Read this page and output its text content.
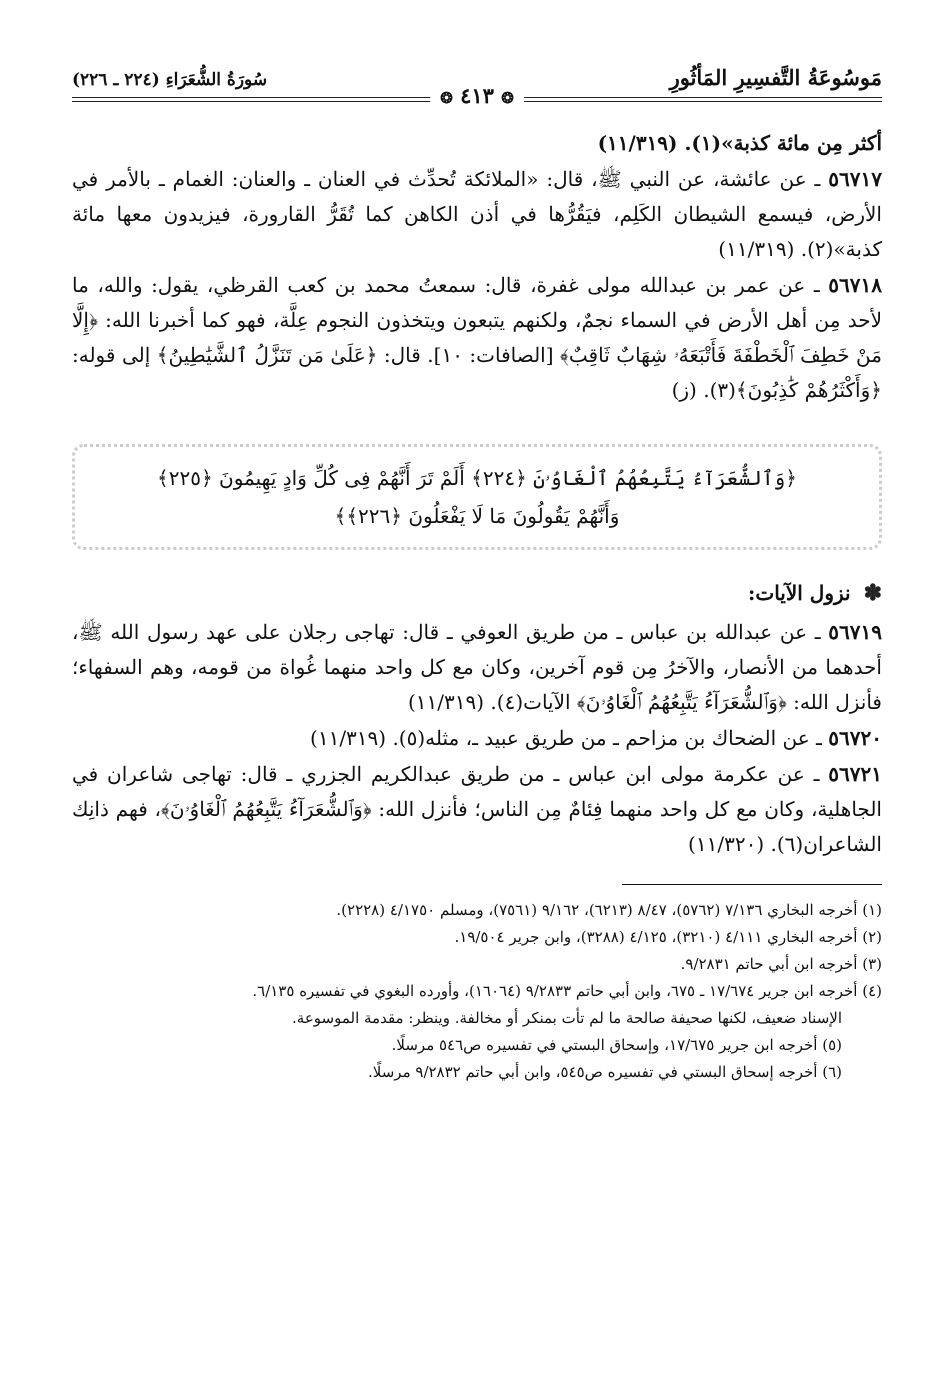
مَوسُوعَةُ التَّفسِيرِ المَأثُورِ
سُورَةُ الشُّعَرَاءِ (٢٢٤ ـ ٢٢٦)
❂ ٤١٣ ❂

أكثر مِن مائة كذبة»(١). (١١/٣١٩)

٥٦٧١٧ ـ عن عائشة، عن النبي ﷺ، قال: «الملائكة تُحدِّث في العنان ـ والعنان: الغمام ـ بالأمر في الأرض، فيسمع الشيطان الكَلِم، فيَقُرُّها في أذن الكاهن كما تُقَرُّ القارورة، فيزيدون معها مائة كذبة»(٢). (١١/٣١٩)

٥٦٧١٨ ـ عن عمر بن عبدالله مولى غفرة، قال: سمعتُ محمد بن كعب القرظي، يقول: والله، ما لأحد مِن أهل الأرض في السماء نجمٌ، ولكنهم يتبعون ويتخذون النجوم عِلَّة، فهو كما أخبرنا الله: ﴿إِلَّا مَنْ خَطِفَ ٱلْخَطْفَةَ فَأَتْبَعَهُۥ شِهَابٌ ثَاقِبٌ﴾ [الصافات: ١٠]. قال: ﴿عَلَىٰ مَن تَنَزَّلُ ٱلشَّيَٰطِينُ﴾ إلى قوله: ﴿وَأَكْثَرُهُمْ كَٰذِبُونَ﴾(٣). (ز)

﴿وَٱلشُّعَرَآءُ يَتَّبِعُهُمُ ٱلْغَاوُۥنَ ﴿٢٢٤﴾ أَلَمْ تَرَ أَنَّهُمْ فِى كُلِّ وَادٍ يَهِيمُونَ ﴿٢٢٥﴾
وَأَنَّهُمْ يَقُولُونَ مَا لَا يَفْعَلُونَ ﴿٢٢٦﴾﴾
✽ نزول الآيات:

٥٦٧١٩ ـ عن عبدالله بن عباس ـ من طريق العوفي ـ قال: تهاجى رجلان على عهد رسول الله ﷺ، أحدهما من الأنصار، والآخرُ مِن قوم آخرين، وكان مع كل واحد منهما غُواة من قومه، وهم السفهاء؛ فأنزل الله: ﴿وَٱلشُّعَرَآءُ يَتَّبِعُهُمُ ٱلْغَاوُۥنَ﴾ الآيات(٤). (١١/٣١٩)

٥٦٧٢٠ ـ عن الضحاك بن مزاحم ـ من طريق عبيد ـ، مثله(٥). (١١/٣١٩)

٥٦٧٢١ ـ عن عكرمة مولى ابن عباس ـ من طريق عبدالكريم الجزري ـ قال: تهاجى شاعران في الجاهلية، وكان مع كل واحد منهما فِئامٌ مِن الناس؛ فأنزل الله: ﴿وَٱلشُّعَرَآءُ يَتَّبِعُهُمُ ٱلْغَاوُۥنَ﴾، فهم ذانِك الشاعران(٦). (١١/٣٢٠)

(١) أخرجه البخاري ٧/١٣٦ (٥٧٦٢)، ٨/٤٧ (٦٢١٣)، ٩/١٦٢ (٧٥٦١)، ومسلم ٤/١٧٥٠ (٢٢٢٨).

(٢) أخرجه البخاري ٤/١١١ (٣٢١٠)، ٤/١٢٥ (٣٢٨٨)، وابن جرير ١٩/٥٠٤.

(٣) أخرجه ابن أبي حاتم ٩/٢٨٣١.

(٤) أخرجه ابن جرير ١٧/٦٧٤ ـ ٦٧٥، وابن أبي حاتم ٩/٢٨٣٣ (١٦٠٦٤)، وأورده البغوي في تفسيره ٦/١٣٥.

الإسناد ضعيف، لكنها صحيفة صالحة ما لم تأت بمنكر أو مخالفة. وينظر: مقدمة الموسوعة.

(٥) أخرجه ابن جرير ١٧/٦٧٥، وإسحاق البستي في تفسيره ص٥٤٦ مرسلًا.

(٦) أخرجه إسحاق البستي في تفسيره ص٥٤٥، وابن أبي حاتم ٩/٢٨٣٢ مرسلًا.
